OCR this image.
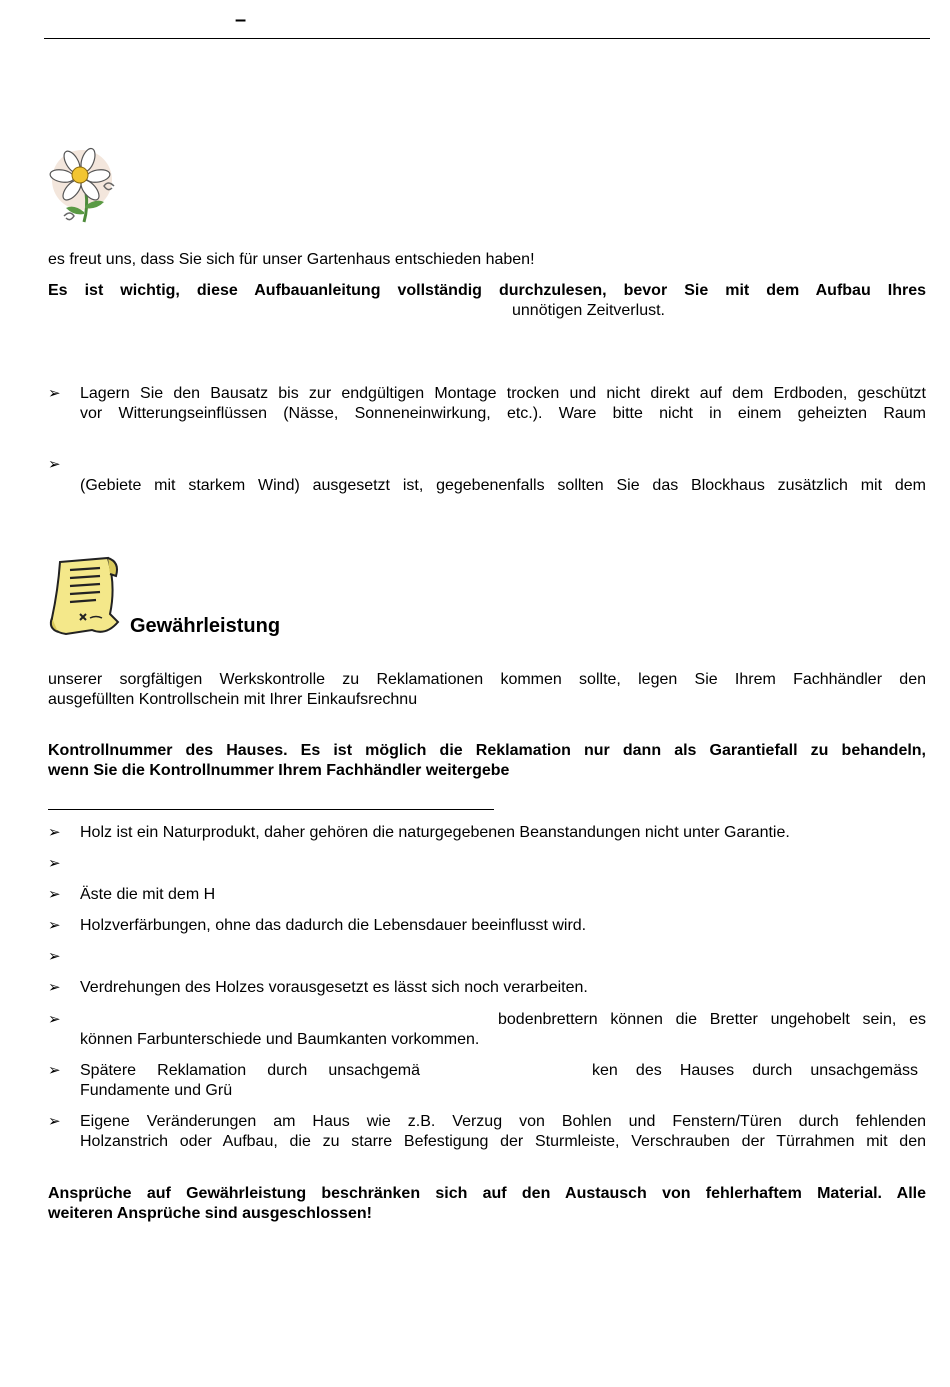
–
es freut uns, dass Sie sich für unser Gartenhaus entschieden haben!
Es ist wichtig, diese Aufbauanleitung vollständig durchzulesen, bevor Sie mit dem Aufbau Ihres
unnötigen Zeitverlust.
➢ Lagern Sie den Bausatz bis zur endgültigen Montage trocken und nicht direkt auf dem Erdboden, geschützt
vor Witterungseinflüssen (Nässe, Sonneneinwirkung, etc.). Ware bitte nicht in einem geheizten Raum
➢
(Gebiete mit starkem Wind) ausgesetzt ist, gegebenenfalls sollten Sie das Blockhaus zusätzlich mit dem
Gewährleistung
unserer sorgfältigen Werkskontrolle zu Reklamationen kommen sollte, legen Sie Ihrem Fachhändler den
ausgefüllten Kontrollschein mit Ihrer Einkaufsrechnu
Kontrollnummer des Hauses. Es ist möglich die Reklamation nur dann als Garantiefall zu behandeln,
wenn Sie die Kontrollnummer Ihrem Fachhändler weitergebe
➢ Holz ist ein Naturprodukt, daher gehören die naturgegebenen Beanstandungen nicht unter Garantie.
➢
➢ Äste die mit dem H
➢ Holzverfärbungen, ohne das dadurch die Lebensdauer beeinflusst wird.
➢
➢ Verdrehungen des Holzes vorausgesetzt es lässt sich noch verarbeiten.
➢	bodenbrettern können die Bretter ungehobelt sein, es
können Farbunterschiede und Baumkanten vorkommen.
➢ Spätere Reklamation durch unsachgemä	ken des Hauses durch unsachgemäss
Fundamente und Grü
➢ Eigene Veränderungen am Haus wie z.B. Verzug von Bohlen und Fenstern/Türen durch fehlenden
Holzanstrich oder Aufbau, die zu starre Befestigung der Sturmleiste, Verschrauben der Türrahmen mit den
Ansprüche auf Gewährleistung beschränken sich auf den Austausch von fehlerhaftem Material. Alle
weiteren Ansprüche sind ausgeschlossen!
